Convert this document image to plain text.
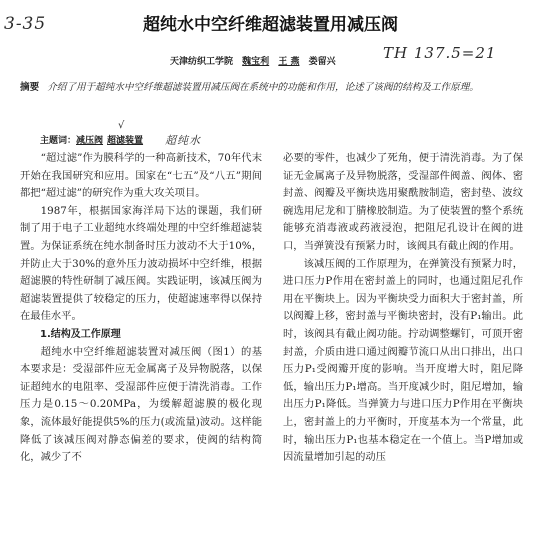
超纯水中空纤维超滤装置用减压阀
3-35
TH 137.5=21
√
超纯水
天津纺织工学院 魏宝利 王 燕 娄留兴
摘要 介绍了用于超纯水中空纤维超滤装置用减压阀在系统中的功能和作用，论述了该阀的结构及工作原理。
主题词：减压阀 超滤装置

“超过滤”作为膜科学的一种高新技术，70年代末开始在我国研究和应用。国家在“七五”及“八五”期间都把“超过滤”的研究作为重大攻关项目。

1987年，根据国家海洋局下达的课题，我们研制了用于电子工业超纯水终端处理的中空纤维超滤装置。为保证系统在纯水制备时压力波动不大于10%，并防止大于30%的意外压力波动损坏中空纤维，根据超滤膜的特性研制了减压阀。实践证明，该减压阀为超滤装置提供了较稳定的压力，使超滤速率得以保持在最佳水平。

1.结构及工作原理

超纯水中空纤维超滤装置对减压阀（图1）的基本要求是：受湿部件应无金属离子及异物脱落，以保证超纯水的电阻率、受湿部件应便于清洗消毒。工作压力是0.15～0.20MPa，为缓解超滤膜的极化现象，流体最好能提供5%的压力(或流量)波动。这样能降低了该减压阀对静态偏差的要求，使阀的结构简化，减少了不

必要的零件，也减少了死角，便于清洗消毒。为了保证无金属离子及异物脱落，受湿部件阀盖、阀体、密封盖、阀瓣及平衡块选用聚酰胺制造，密封垫、波纹碗选用尼龙和丁腈橡胶制造。为了使装置的整个系统能够充消毒液或药液浸泡，把阻尼孔设计在阀的进口，当弹簧没有预紧力时，该阀具有截止阀的作用。

该减压阀的工作原理为，在弹簧没有预紧力时，进口压力P作用在密封盖上的同时，也通过阻尼孔作用在平衡块上。因为平衡块受力面积大于密封盖，所以阀瓣上移，密封盖与平衡块密封，没有P₁输出。此时，该阀具有截止阀功能。拧动调整螺钉，可顶开密封盖，介质由进口通过阀瓣节流口从出口排出，出口压力P₁受阀瓣开度的影响。当开度增大时，阻尼降低，输出压力P₁增高。当开度减少时，阻尼增加，输出压力P₁降低。当弹簧力与进口压力P作用在平衡块上，密封盖上的力平衡时，开度基本为一个常量，此时，输出压力P₁也基本稳定在一个值上。当P增加或因流量增加引起的动压
